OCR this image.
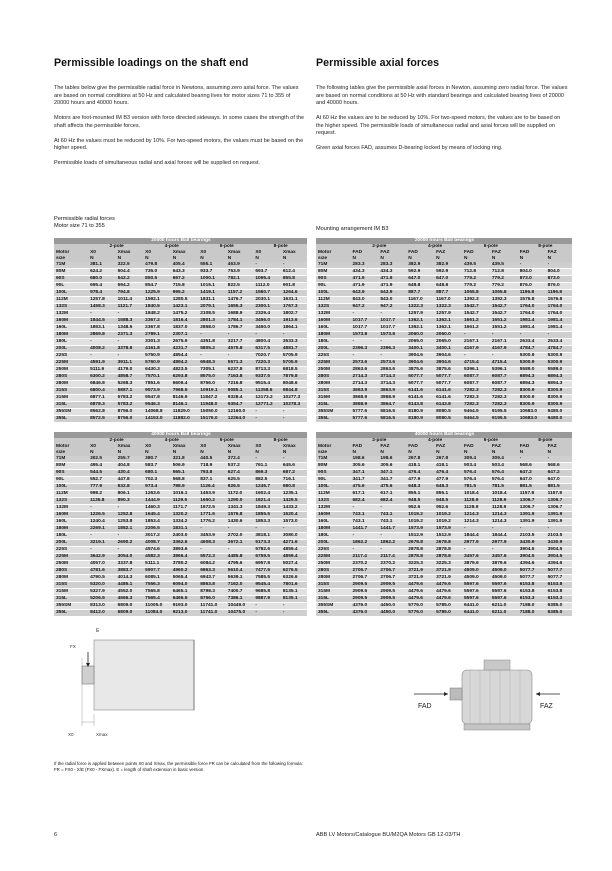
Permissible loadings on the shaft end

The tables below give the permissible radial force in Newtons, assuming zero axial force. The values are based on normal conditions at 50 Hz and calculated bearing lives for motor sizes 71 to 355 of 20000 hours and 40000 hours.

Motors are foot-mounted IM B3 version with force directed sideways. In some cases the strength of the shaft affects the permissible forces.

At 60 Hz the values must be reduced by 10%. For two-speed motors, the values must be based on the higher speed.

Permissible loads of simultaneous radial and axial forces will be supplied on request.

Permissible radial forces
Motor size 71 to 355
20000 hours Ball bearings								
	2-pole		4-pole		6-pole		8-pole	
Motor	X0	Xmax	X0	Xmax	X0	Xmax	X0	Xmax
size	N	N	N	N	N	N	N	N
71M	381.1	322.5	479.8	405.4	555.1	463.9	-	-
80M	624.2	504.4	735.0	643.3	933.7	753.9	693.7	612.4
90S	680.0	542.2	850.5	667.2	1000.1	782.1	1095.4	855.8
90L	695.4	594.2	854.7	715.8	1015.1	822.5	1112.0	901.8
100L	978.4	794.8	1225.9	995.2	1419.1	1157.2	1560.7	1264.6
112M	1257.8	1011.4	1592.1	1280.5	1831.1	1476.7	2030.1	1631.1
132S	1458.3	1121.7	1840.5	1423.1	2079.1	1655.3	2300.1	1767.3
132M	-	-	1848.2	1475.2	2108.5	1688.9	2329.4	1802.7
160M	1844.5	1588.3	2367.2	1816.4	2801.3	1784.1	3456.0	1913.6
160L	1853.1	1348.5	2367.8	1837.0	2858.0	1786.7	3450.0	1864.1
180M	2869.8	2371.3	2789.1	2307.1	-	-	-	-
180L	-	-	3301.3	2675.9	4351.8	3217.7	4800.4	3533.3
200L	4008.2	3378.8	4161.8	4231.7	5805.2	4575.8	6317.5	4881.7
225S	-	-	5750.9	4854.4	-	-	7020.7	5705.9
225M	4591.9	3911.1	5760.9	4894.2	6948.3	5571.3	7220.3	5705.9
250M	5111.9	4179.0	6430.3	4823.5	7305.1	6237.8	8713.3	6818.5
280S	6300.2	4858.7	7570.1	6293.8	8575.0	7163.8	9337.5	7879.8
280M	6846.8	5268.3	7851.6	6606.4	8756.0	7216.8	9515.4	8048.6
315S	6800.4	5887.1	9573.9	7968.5	10919.1	9085.1	11358.6	9844.8
315M	6877.1	5783.2	9547.8	8146.9	11847.2	9328.4	12173.2	10277.3
315L	6878.3	5783.2	9546.3	8146.1	11948.0	9354.7	12771.2	10278.3
355SM	8562.8	8756.0	14068.8	11829.0	15050.0	12160.0	-	-
355L	8572.5	8756.0	14153.0	11882.0	15176.0	12264.0	-	-
40000 hours Ball bearings								
	2-pole		4-pole		6-pole		8-pole	
Motor	X0	Xmax	X0	Xmax	X0	Xmax	X0	Xmax
size	N	N	N	N	N	N	N	N
71M	302.5	255.7	380.7	321.8	440.5	372.4	-	-
80M	495.4	404.8	583.7	506.9	718.9	537.2	761.1	645.6
90S	544.5	430.4	680.1	565.1	793.8	627.4	869.3	687.2
90L	552.7	447.8	702.3	568.8	837.1	625.5	882.5	716.1
100L	777.9	632.8	973.4	788.9	1126.4	926.5	1245.7	980.8
112M	998.2	806.1	1263.6	1016.1	1453.9	1172.0	1602.4	1235.1
132S	1135.8	890.3	1444.9	1129.5	1650.2	1290.0	1821.4	1429.5
132M	-	-	1460.3	1171.7	1672.5	1341.3	1849.3	1433.2
160M	1226.5	1252.8	1645.4	1320.2	1771.5	1576.8	1855.5	1520.4
160L	1240.4	1253.8	1853.4	1334.2	1776.2	1430.6	1853.3	1573.0
180M	2269.1	1882.1	2206.5	1831.1	-	-	-	-
180L	-	-	3017.2	2403.0	3453.9	2702.0	3818.1	3080.0
200L	3219.1	2690.2	4008.7	3362.6	4608.3	3672.1	5173.3	4271.6
225S	-	-	4574.6	3893.6	-	-	5782.6	4859.4
225M	3642.9	3054.0	4582.3	3866.4	5572.3	4485.8	6759.5	4859.4
250M	4057.0	3337.8	5111.1	3780.2	6084.2	4795.6	6957.8	5027.4
280S	4781.6	3883.7	5907.7	4960.2	6863.3	5610.4	7477.5	6276.5
280M	4790.5	4014.3	6085.1	5065.4	6943.7	5639.1	7585.5	6326.6
315S	5320.0	4485.1	7556.3	6094.0	8863.8	7162.0	9545.4	7801.6
315M	5327.9	4552.0	7565.8	6465.1	8798.3	7400.7	9685.8	8135.1
315L	5206.5	4566.3	7565.4	6466.5	8756.0	7386.1	9887.9	8135.1
355SM	8313.0	6809.0	11005.0	9193.0	11741.0	10449.0	-	-
355L	8412.0	6809.0	11084.0	9213.0	11741.0	10475.0	-	-
E
X0	Xmax
FX
If the radial force is applied between points X0 and Xmax, the permissible force FR can be calculated from the following formula: FR = FX0 - X/E (FX0 - FXmax). E = length of shaft extension in basic version
Permissible axial forces

The following tables give the permissible axial forces in Newton, assuming zero radial force. The values are based on normal conditions at 50 Hz with standard bearings and calculated bearing lives of 20000 and 40000 hours.

At 60 Hz the values are to be reduced by 10%. For two-speed motors, the values are to be based on the higher speed. The permissible loads of simultaneous radial and axial forces will be supplied on request.

Given axial forces FAD, assumes D-bearing locked by means of locking ring.

Mounting arrangement IM B3
20000 hours Ball bearings								
	2-pole		4-pole		6-pole		8-pole	
Motor	FAD	FAZ	FAD	FAZ	FAD	FAZ	FAD	FAZ
size	N	N	N	N	N	N	N	N
71M	283.3	283.3	382.9	382.9	439.5	439.5	-	-
80M	434.3	434.3	592.9	592.9	712.8	712.8	804.0	804.0
90S	471.9	471.9	647.0	647.0	779.2	779.2	873.0	873.0
90L	471.9	471.9	648.8	648.8	779.2	779.2	876.0	876.0
100L	643.9	643.9	887.7	887.7	1065.8	1065.8	1196.8	1196.8
112M	843.0	843.0	1167.0	1167.0	1392.3	1392.3	1576.8	1576.8
132S	947.2	947.2	1322.3	1322.3	1542.7	1542.7	1764.0	1764.0
132M	-	-	1257.9	1257.9	1542.7	1542.7	1764.0	1764.0
160M	1017.7	1017.7	1362.1	1362.1	1661.2	1551.2	1981.4	1981.4
160L	1017.7	1017.7	1362.1	1362.1	1661.2	1551.2	1981.4	1981.4
180M	1573.8	1573.8	2060.0	2060.0	-	-	-	-
180L	-	-	2065.0	2065.0	2167.1	2167.1	2633.4	2633.4
200L	2396.3	2396.3	3400.1	3400.1	4167.9	4167.9	4784.7	4784.7
225S	-	-	3904.6	3904.6	-	-	5300.9	5300.9
225M	2573.6	2573.6	3904.6	3904.6	4715.4	4715.4	5300.9	5300.9
250M	2863.6	2863.6	3875.6	3875.6	5396.1	5396.1	5589.0	5589.0
280S	2714.3	3714.3	5077.7	5077.7	6087.7	6087.7	6894.3	6894.3
280M	2714.3	3714.3	5077.7	5077.7	6087.7	6087.7	6894.3	6894.3
315S	3863.9	3863.9	6141.6	6141.6	7282.3	7282.3	8300.9	8300.9
315M	3868.9	3868.9	6141.6	6141.6	7282.3	7282.3	8300.9	8300.9
315L	3868.9	3864.7	6143.8	6143.8	7282.3	7282.3	8300.9	8300.9
355SM	5777.6	5816.5	8180.9	8080.5	9464.5	9195.5	10683.0	9480.0
355L	5777.6	5816.5	8180.9	8080.5	9464.5	9195.5	10683.0	9480.0
40000 hours Ball bearings								
	2-pole		4-pole		6-pole		8-pole	
Motor	FAD	FAZ	FAD	FAZ	FAD	FAZ	FAD	FAZ
size	N	N	N	N	N	N	N	N
71M	198.6	198.6	267.8	267.8	309.4	309.4	-	-
80M	305.6	305.6	418.1	418.1	503.4	503.4	568.6	568.6
90S	347.1	347.1	476.4	476.4	576.4	576.4	647.2	647.2
90L	341.7	341.7	477.9	477.9	576.4	576.4	647.0	647.0
100L	475.6	475.6	648.3	648.3	781.5	781.5	881.5	881.5
112M	617.1	617.1	855.1	855.1	1018.4	1018.4	1157.8	1157.8
132S	682.4	682.4	948.5	948.5	1128.9	1128.9	1306.7	1306.7
132M	-	-	952.6	952.6	1128.9	1128.9	1306.7	1306.7
160M	743.1	743.1	1019.2	1019.2	1214.3	1214.3	1391.9	1391.9
160L	743.1	743.1	1019.2	1019.2	1214.3	1214.3	1391.9	1391.9
180M	1441.7	1441.7	1573.9	1573.9	-	-	-	-
180L	-	-	1512.9	1512.9	1844.4	1844.4	2103.5	2103.5
200L	1862.2	1862.2	2678.8	2678.8	2977.9	2977.9	3430.9	3430.9
225S	-	-	2878.8	2878.8	-	-	3904.5	3904.5
225M	2117.4	2117.4	2878.8	2878.8	3457.6	3457.6	3904.5	3904.5
250M	2370.2	2370.2	3225.3	3225.3	3879.6	3879.6	4394.6	4394.6
280S	2706.7	2706.7	3721.9	3721.9	4509.0	4509.0	5077.7	5077.7
280M	2706.7	2706.7	3721.9	3721.9	4509.0	4509.0	5077.7	5077.7
315S	2909.5	2909.5	4479.6	4479.6	5597.6	5597.6	6153.8	6153.8
315M	2909.5	2909.5	4479.6	4479.6	5597.6	5597.6	6153.8	6153.8
315L	2909.5	2909.5	4479.6	4479.6	5597.6	5597.6	6153.3	6153.3
355SM	4376.0	4450.0	5776.0	5785.0	6441.0	6211.0	7188.0	6385.0
355L	4376.0	4450.0	5776.0	5785.0	6441.0	6211.0	7188.0	6385.0
FAD	FAZ
6	ABB LV Motors/Catalogue BU/M2QA Motors GB 12-03/TH
